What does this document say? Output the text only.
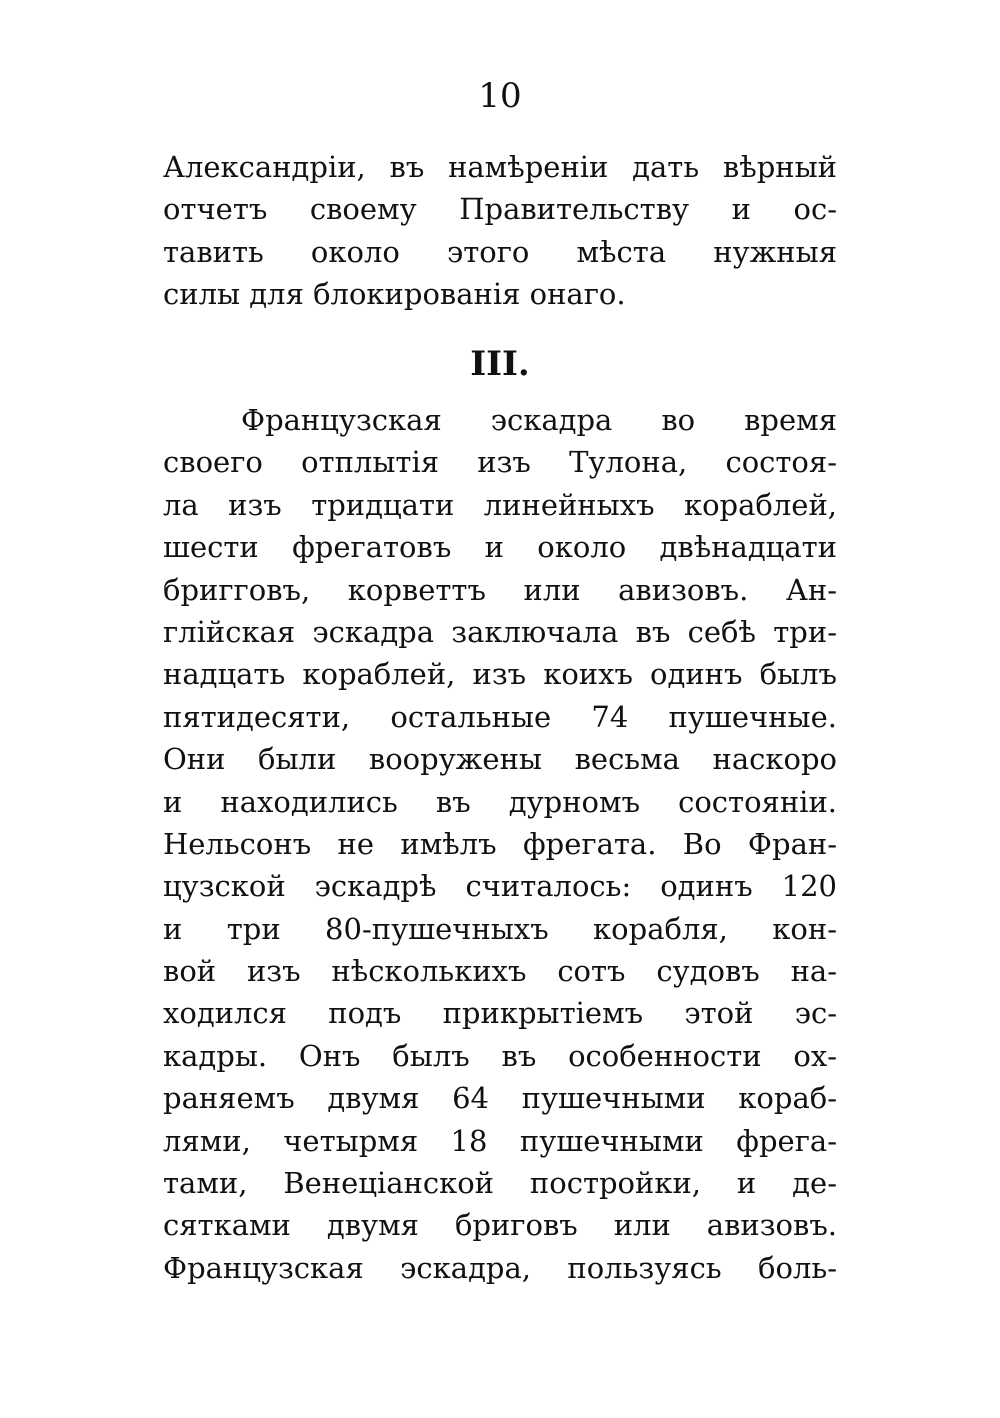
10
Александріи, въ намѣреніи дать вѣрный
отчетъ своему Правительству и ос-
тавить около этого мѣста нужныя
силы для блокированія онаго.
III.
Французская эскадра во время
своего отплытія изъ Тулона, состоя-
ла изъ тридцати линейныхъ кораблей,
шести фрегатовъ и около двѣнадцати
бригговъ, корветтъ или авизовъ. Ан-
глійская эскадра заключала въ себѣ три-
надцать кораблей, изъ коихъ одинъ былъ
пятидесяти, остальные 74 пушечные.
Они были вооружены весьма наскоро
и находились въ дурномъ состояніи.
Нельсонъ не имѣлъ фрегата. Во Фран-
цузской эскадрѣ считалось: одинъ 120
и три 80-пушечныхъ корабля, кон-
вой изъ нѣсколькихъ сотъ судовъ на-
ходился подъ прикрытіемъ этой эс-
кадры. Онъ былъ въ особенности ох-
раняемъ двумя 64 пушечными кораб-
лями, четырмя 18 пушечными фрега-
тами, Венеціанской постройки, и де-
сятками двумя бриговъ или авизовъ.
Французская эскадра, пользуясь боль-
